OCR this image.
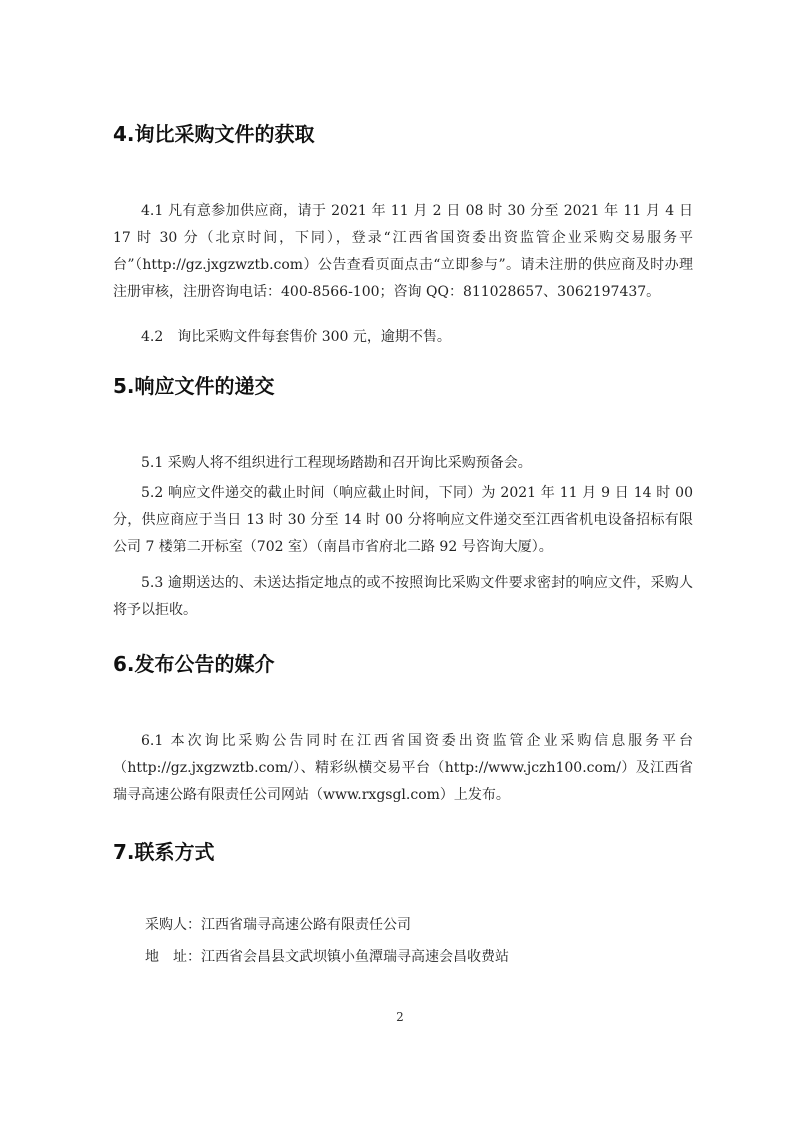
4.询比采购文件的获取

4.1 凡有意参加供应商，请于 2021 年 11 月 2 日 08 时 30 分至 2021 年 11 月 4 日 17 时 30 分（北京时间，下同），登录“江西省国资委出资监管企业采购交易服务平台”（http://gz.jxgzwztb.com）公告查看页面点击“立即参与”。请未注册的供应商及时办理注册审核，注册咨询电话：400-8566-100；咨询 QQ：811028657、3062197437。

4.2　询比采购文件每套售价 300 元，逾期不售。

5.响应文件的递交

5.1 采购人将不组织进行工程现场踏勘和召开询比采购预备会。

5.2 响应文件递交的截止时间（响应截止时间，下同）为 2021 年 11 月 9 日 14 时 00 分，供应商应于当日 13 时 30 分至 14 时 00 分将响应文件递交至江西省机电设备招标有限公司 7 楼第二开标室（702 室）（南昌市省府北二路 92 号咨询大厦）。

5.3 逾期送达的、未送达指定地点的或不按照询比采购文件要求密封的响应文件，采购人将予以拒收。

6.发布公告的媒介

6.1 本次询比采购公告同时在江西省国资委出资监管企业采购信息服务平台（http://gz.jxgzwztb.com/）、精彩纵横交易平台（http://www.jczh100.com/）及江西省瑞寻高速公路有限责任公司网站（www.rxgsgl.com）上发布。

7.联系方式

采购人：江西省瑞寻高速公路有限责任公司

地　址：江西省会昌县文武坝镇小鱼潭瑞寻高速会昌收费站

2
